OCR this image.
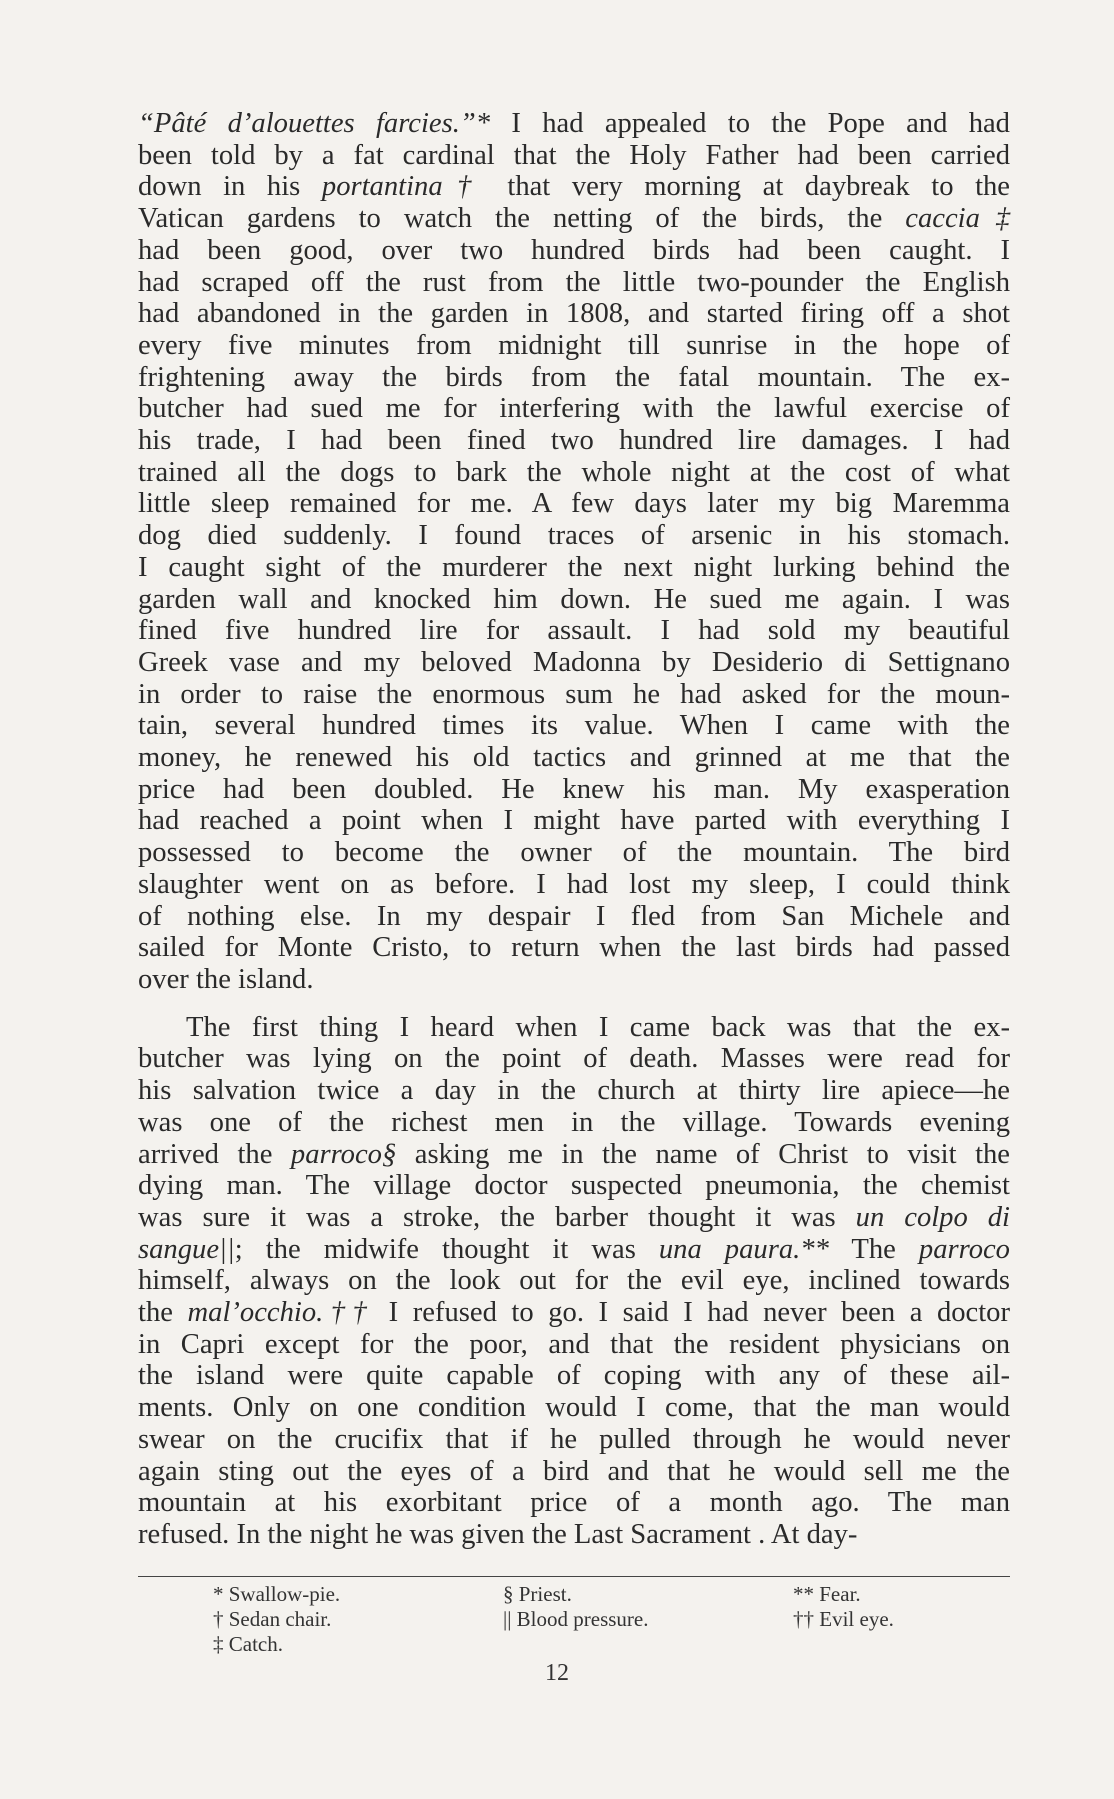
“Pâté d’alouettes farcies.”* I had appealed to the Pope and had
been told by a fat cardinal that the Holy Father had been carried
down in his portantina† that very morning at daybreak to the
Vatican gardens to watch the netting of the birds, the caccia‡
had been good, over two hundred birds had been caught. I
had scraped off the rust from the little two-pounder the English
had abandoned in the garden in 1808, and started firing off a shot
every five minutes from midnight till sunrise in the hope of
frightening away the birds from the fatal mountain. The ex-
butcher had sued me for interfering with the lawful exercise of
his trade, I had been fined two hundred lire damages. I had
trained all the dogs to bark the whole night at the cost of what
little sleep remained for me. A few days later my big Maremma
dog died suddenly. I found traces of arsenic in his stomach.
I caught sight of the murderer the next night lurking behind the
garden wall and knocked him down. He sued me again. I was
fined five hundred lire for assault. I had sold my beautiful
Greek vase and my beloved Madonna by Desiderio di Settignano
in order to raise the enormous sum he had asked for the moun-
tain, several hundred times its value. When I came with the
money, he renewed his old tactics and grinned at me that the
price had been doubled. He knew his man. My exasperation
had reached a point when I might have parted with everything I
possessed to become the owner of the mountain. The bird
slaughter went on as before. I had lost my sleep, I could think
of nothing else. In my despair I fled from San Michele and
sailed for Monte Cristo, to return when the last birds had passed
over the island.
The first thing I heard when I came back was that the ex-
butcher was lying on the point of death. Masses were read for
his salvation twice a day in the church at thirty lire apiece—he
was one of the richest men in the village. Towards evening
arrived the parroco§ asking me in the name of Christ to visit the
dying man. The village doctor suspected pneumonia, the chemist
was sure it was a stroke, the barber thought it was un colpo di
sangue||; the midwife thought it was una paura.** The parroco
himself, always on the look out for the evil eye, inclined towards
the mal’occhio.†† I refused to go. I said I had never been a doctor
in Capri except for the poor, and that the resident physicians on
the island were quite capable of coping with any of these ail-
ments. Only on one condition would I come, that the man would
swear on the crucifix that if he pulled through he would never
again sting out the eyes of a bird and that he would sell me the
mountain at his exorbitant price of a month ago. The man
refused. In the night he was given the Last Sacrament . At day-
* Swallow-pie.
† Sedan chair.
‡ Catch.
§ Priest.
|| Blood pressure.
** Fear.
†† Evil eye.
12
